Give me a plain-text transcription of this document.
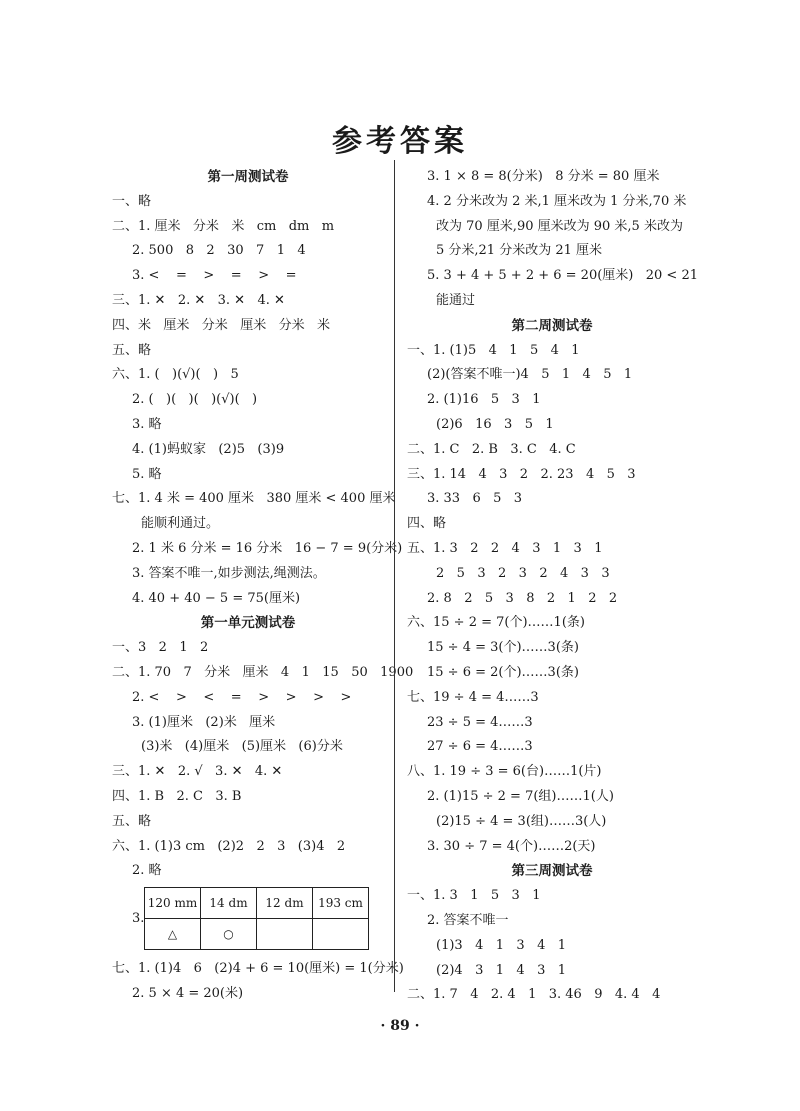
参考答案
第一周测试卷
一、略
二、1. 厘米   分米   米   cm   dm   m
2. 500   8   2   30   7   1   4
3. <    =    >    =    >    =
三、1. ✕   2. ✕   3. ✕   4. ✕
四、米   厘米   分米   厘米   分米   米
五、略
六、1. (   )(√)(   )   5
2. (   )(   )(   )(√)(   )
3. 略
4. (1)蚂蚁家   (2)5   (3)9
5. 略
七、1. 4 米 = 400 厘米   380 厘米 < 400 厘米
能顺利通过。
2. 1 米 6 分米 = 16 分米   16 − 7 = 9(分米)
3. 答案不唯一,如步测法,绳测法。
4. 40 + 40 − 5 = 75(厘米)
第一单元测试卷
一、3   2   1   2
二、1. 70   7   分米   厘米   4   1   15   50   1900
2. <    >    <    =    >    >    >    >
3. (1)厘米   (2)米   厘米
(3)米   (4)厘米   (5)厘米   (6)分米
三、1. ✕   2. √   3. ✕   4. ✕
四、1. B   2. C   3. B
五、略
六、1. (1)3 cm   (2)2   2   3   (3)4   2
2. 略
3.
120 mm	14 dm	12 dm	193 cm
△	○		
七、1. (1)4   6   (2)4 + 6 = 10(厘米) = 1(分米)
2. 5 × 4 = 20(米)
3. 1 × 8 = 8(分米)   8 分米 = 80 厘米
4. 2 分米改为 2 米,1 厘米改为 1 分米,70 米
改为 70 厘米,90 厘米改为 90 米,5 米改为
5 分米,21 分米改为 21 厘米
5. 3 + 4 + 5 + 2 + 6 = 20(厘米)   20 < 21
能通过
第二周测试卷
一、1. (1)5   4   1   5   4   1
(2)(答案不唯一)4   5   1   4   5   1
2. (1)16   5   3   1
(2)6   16   3   5   1
二、1. C   2. B   3. C   4. C
三、1. 14   4   3   2   2. 23   4   5   3
3. 33   6   5   3
四、略
五、1. 3   2   2   4   3   1   3   1
2   5   3   2   3   2   4   3   3
2. 8   2   5   3   8   2   1   2   2
六、15 ÷ 2 = 7(个)……1(条)
15 ÷ 4 = 3(个)……3(条)
15 ÷ 6 = 2(个)……3(条)
七、19 ÷ 4 = 4……3
23 ÷ 5 = 4……3
27 ÷ 6 = 4……3
八、1. 19 ÷ 3 = 6(台)……1(片)
2. (1)15 ÷ 2 = 7(组)……1(人)
(2)15 ÷ 4 = 3(组)……3(人)
3. 30 ÷ 7 = 4(个)……2(天)
第三周测试卷
一、1. 3   1   5   3   1
2. 答案不唯一
(1)3   4   1   3   4   1
(2)4   3   1   4   3   1
二、1. 7   4   2. 4   1   3. 46   9   4. 4   4
· 89 ·
